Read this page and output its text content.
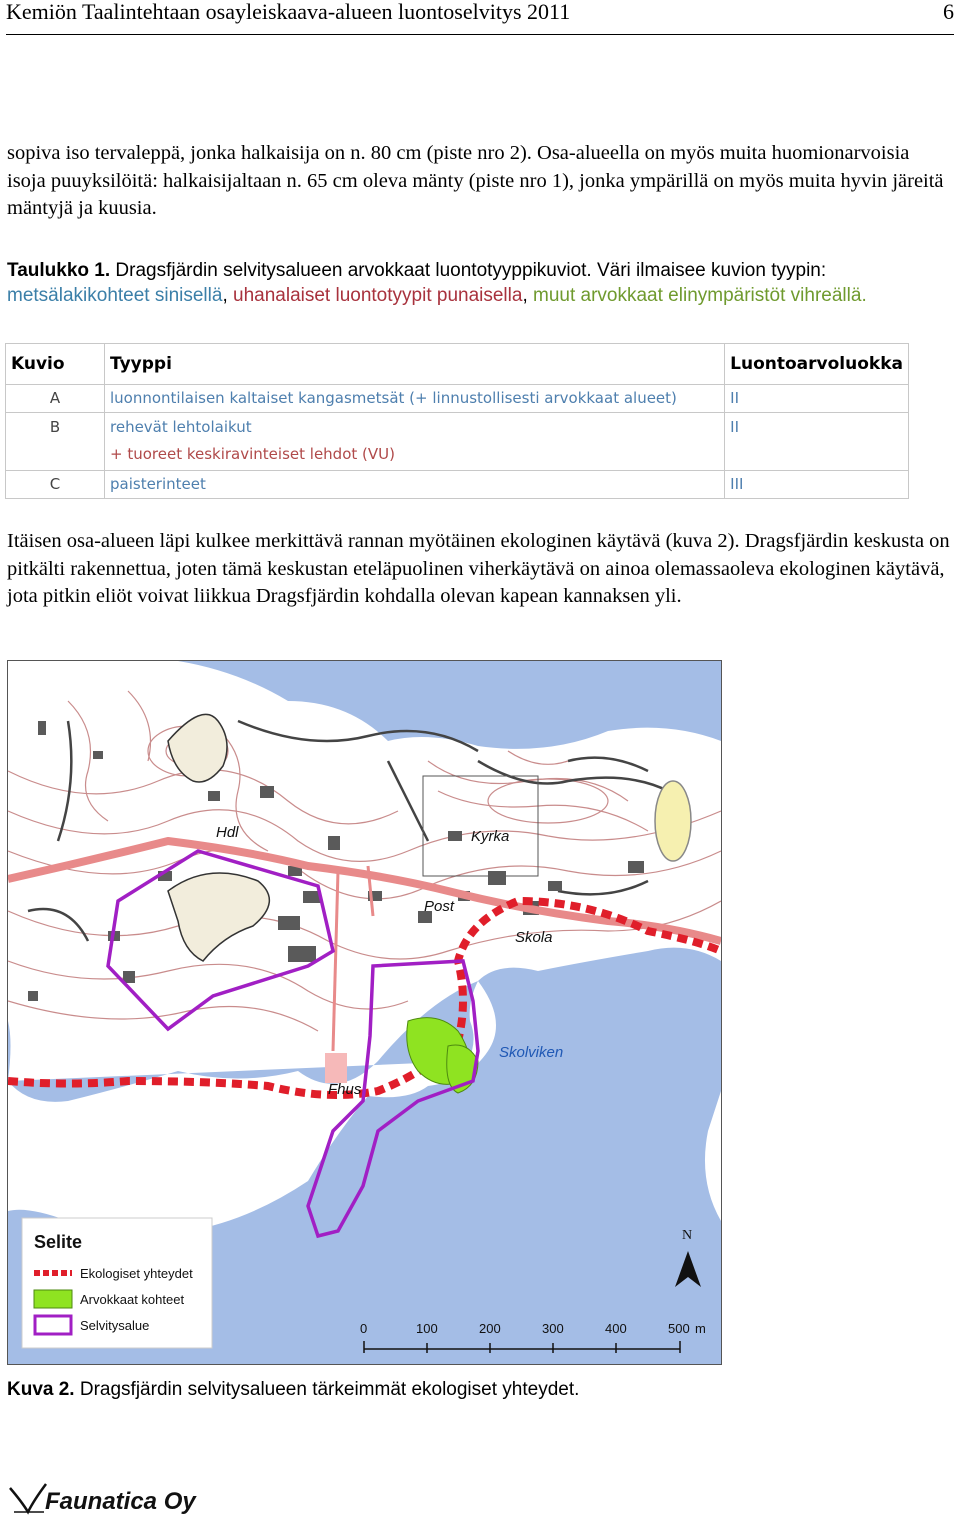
Kemiön Taalintehtaan osayleiskaava-alueen luontoselvitys 2011	6

sopiva iso tervaleppä, jonka halkaisija on n. 80 cm (piste nro 2). Osa-alueella on myös muita huomionarvoisia isoja puuyksilöitä: halkaisijaltaan n. 65 cm oleva mänty (piste nro 1), jonka ympärillä on myös muita hyvin järeitä mäntyjä ja kuusia.

Taulukko 1. Dragsfjärdin selvitysalueen arvokkaat luontotyyppikuviot. Väri ilmaisee kuvion tyypin: metsälakikohteet sinisellä, uhanalaiset luontotyypit punaisella, muut arvokkaat elinympäristöt vihreällä.

Kuvio	Tyyppi	Luontoarvoluokka
A	luonnontilaisen kaltaiset kangasmetsät (+ linnustollisesti arvokkaat alueet)	II
B	rehevät lehtolaikut
+ tuoreet keskiravinteiset lehdot (VU)	II
C	paisterinteet	III

Itäisen osa-alueen läpi kulkee merkittävä rannan myötäinen ekologinen käytävä (kuva 2). Dragsfjärdin keskusta on pitkälti rakennettua, joten tämä keskustan eteläpuolinen viherkäytävä on ainoa olemassaoleva ekologinen käytävä, jota pitkin eliöt voivat liikkua Dragsfjärdin kohdalla olevan kapean kannaksen yli.

Hdl	Kyrka
Post
Skola
Skolviken
Fhus
Selite
Ekologiset yhteydet
Arvokkaat kohteet
Selvitysalue
N
0	100	200	300	400	500 m

Kuva 2. Dragsfjärdin selvitysalueen tärkeimmät ekologiset yhteydet.

Faunatica Oy
